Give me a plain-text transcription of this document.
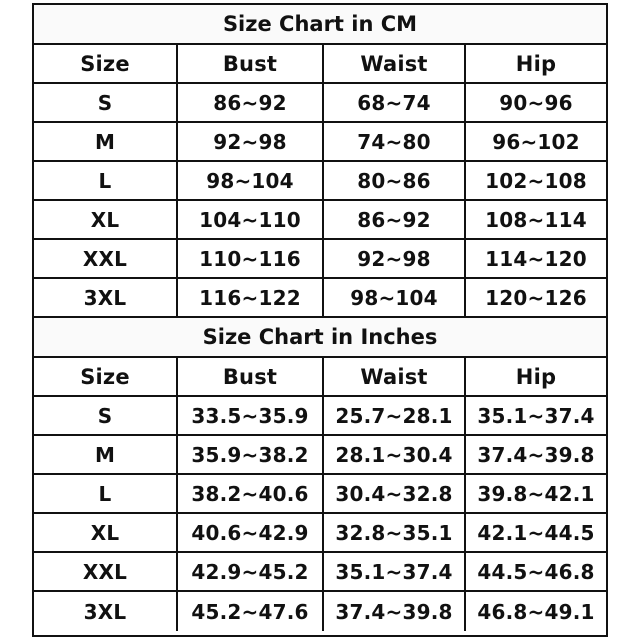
Size Chart in CM
Size	Bust	Waist	Hip
S	86~92	68~74	90~96
M	92~98	74~80	96~102
L	98~104	80~86	102~108
XL	104~110	86~92	108~114
XXL	110~116	92~98	114~120
3XL	116~122	98~104	120~126
Size Chart in Inches
Size	Bust	Waist	Hip
S	33.5~35.9	25.7~28.1	35.1~37.4
M	35.9~38.2	28.1~30.4	37.4~39.8
L	38.2~40.6	30.4~32.8	39.8~42.1
XL	40.6~42.9	32.8~35.1	42.1~44.5
XXL	42.9~45.2	35.1~37.4	44.5~46.8
3XL	45.2~47.6	37.4~39.8	46.8~49.1
